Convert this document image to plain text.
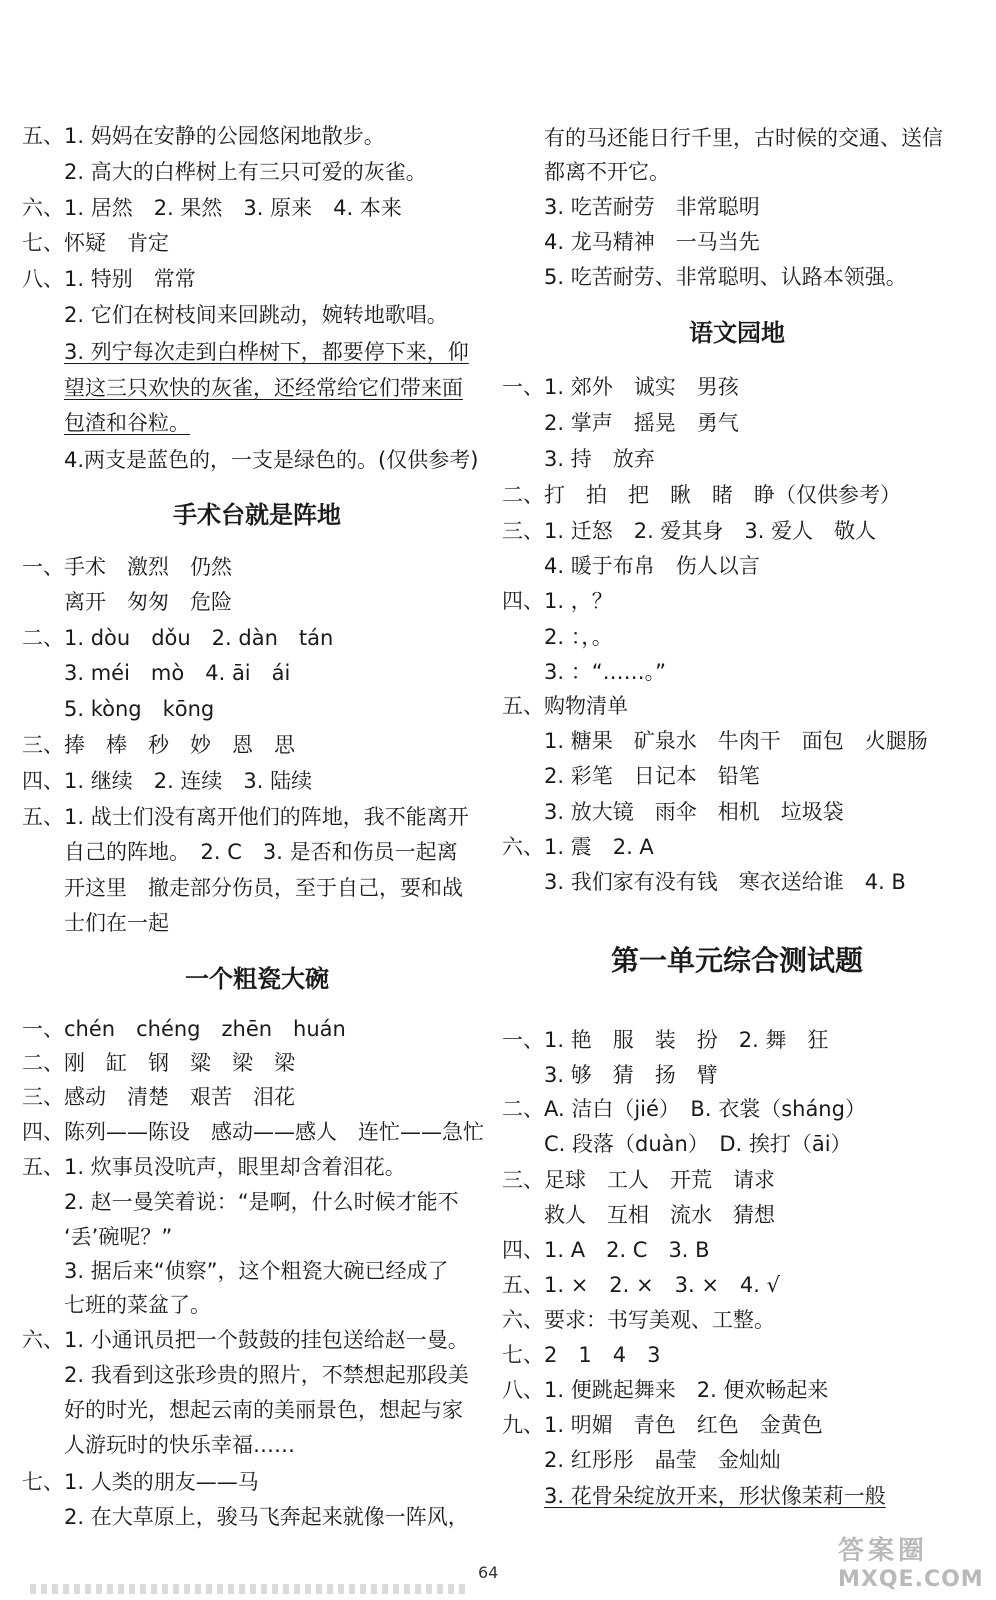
五、1. 妈妈在安静的公园悠闲地散步。
2. 高大的白桦树上有三只可爱的灰雀。
六、1. 居然　2. 果然　3. 原来　4. 本来
七、怀疑　肯定
八、1. 特别　常常
2. 它们在树枝间来回跳动，婉转地歌唱。
3. 列宁每次走到白桦树下，都要停下来，仰
望这三只欢快的灰雀，还经常给它们带来面
包渣和谷粒。
4.两支是蓝色的，一支是绿色的。(仅供参考)
手术台就是阵地
一、手术　激烈　仍然
离开　匆匆　危险
二、1. dòu　dǒu　2. dàn　tán
3. méi　mò　4. āi　ái
5. kòng　kōng
三、捧　棒　秒　妙　恩　思
四、1. 继续　2. 连续　3. 陆续
五、1. 战士们没有离开他们的阵地，我不能离开
自己的阵地。　2. C　3. 是否和伤员一起离
开这里　撤走部分伤员，至于自己，要和战
士们在一起
一个粗瓷大碗
一、chén　chéng　zhēn　huán
二、刚　缸　钢　粱　梁　梁
三、感动　清楚　艰苦　泪花
四、陈列——陈设　感动——感人　连忙——急忙
五、1. 炊事员没吭声，眼里却含着泪花。
2. 赵一曼笑着说：“是啊，什么时候才能不
‘丢’碗呢？”
3. 据后来“侦察”，这个粗瓷大碗已经成了
七班的菜盆了。
六、1. 小通讯员把一个鼓鼓的挂包送给赵一曼。
2. 我看到这张珍贵的照片，不禁想起那段美
好的时光，想起云南的美丽景色，想起与家
人游玩时的快乐幸福……
七、1. 人类的朋友——马
2. 在大草原上，骏马飞奔起来就像一阵风，
有的马还能日行千里，古时候的交通、送信
都离不开它。
3. 吃苦耐劳　非常聪明
4. 龙马精神　一马当先
5. 吃苦耐劳、非常聪明、认路本领强。
语文园地
一、1. 郊外　诚实　男孩
2. 掌声　摇晃　勇气
3. 持　放弃
二、打　拍　把　瞅　睹　睁（仅供参考）
三、1. 迁怒　2. 爱其身　3. 爱人　敬人
4. 暖于布帛　伤人以言
四、1. ，？
2. ：，。
3. ：“……。”
五、购物清单
1. 糖果　矿泉水　牛肉干　面包　火腿肠
2. 彩笔　日记本　铅笔
3. 放大镜　雨伞　相机　垃圾袋
六、1. 震　2. A
3. 我们家有没有钱　寒衣送给谁　4. B
第一单元综合测试题
一、1. 艳　服　装　扮　2. 舞　狂
3. 够　猜　扬　臂
二、A. 洁白（jié）　B. 衣裳（sháng）
C. 段落（duàn）　D. 挨打（āi）
三、足球　工人　开荒　请求
救人　互相　流水　猜想
四、1. A　2. C　3. B
五、1. ×　2. ×　3. ×　4. √
六、要求：书写美观、工整。
七、2　1　4　3
八、1. 便跳起舞来　2. 便欢畅起来
九、1. 明媚　青色　红色　金黄色
2. 红彤彤　晶莹　金灿灿
3. 花骨朵绽放开来，形状像茉莉一般
64
答案圈
MXQE.COM
